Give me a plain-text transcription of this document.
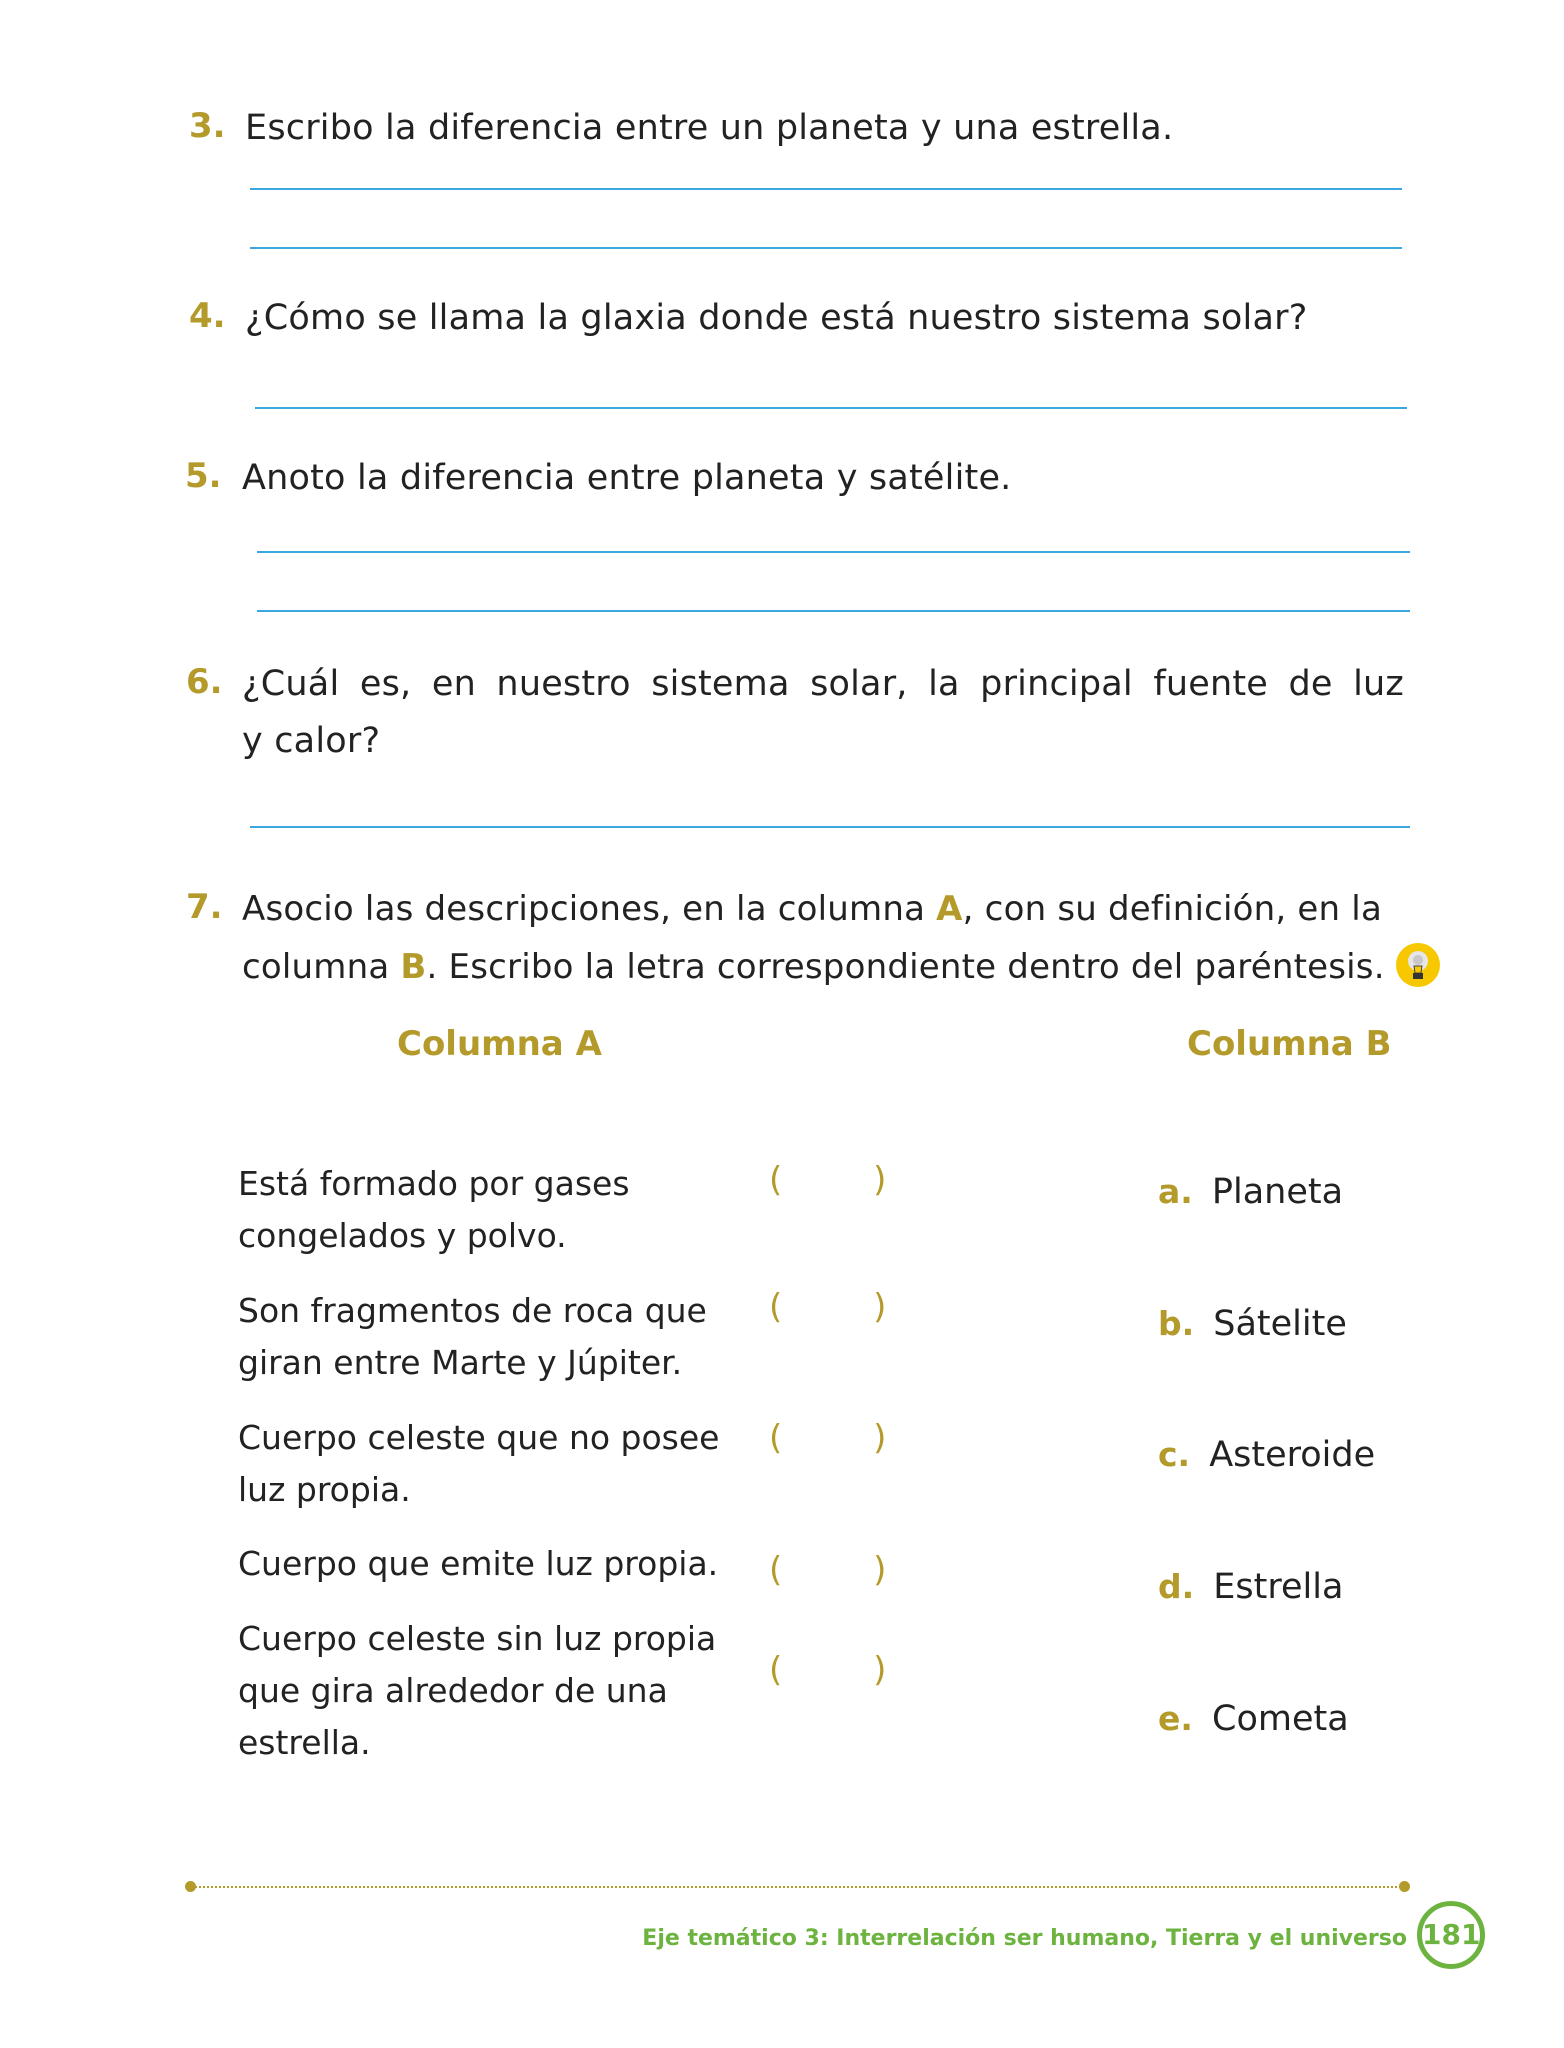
3. Escribo la diferencia entre un planeta y una estrella.
4. ¿Cómo se llama la glaxia donde está nuestro sistema solar?
5. Anoto la diferencia entre planeta y satélite.
6. ¿Cuál es, en nuestro sistema solar, la principal fuente de luz
y calor?
7. Asocio las descripciones, en la columna A, con su definición, en la
columna B. Escribo la letra correspondiente dentro del paréntesis.
Columna A	Columna B
Está formado por gases
congelados y polvo.
( )
Son fragmentos de roca que
giran entre Marte y Júpiter.
( )
Cuerpo celeste que no posee
luz propia.
( )
Cuerpo que emite luz propia. ( )
Cuerpo celeste sin luz propia
que gira alrededor de una
estrella.
( )
a. Planeta
b. Sátelite
c. Asteroide
d. Estrella
e. Cometa
Eje temático 3: Interrelación ser humano, Tierra y el universo 181
